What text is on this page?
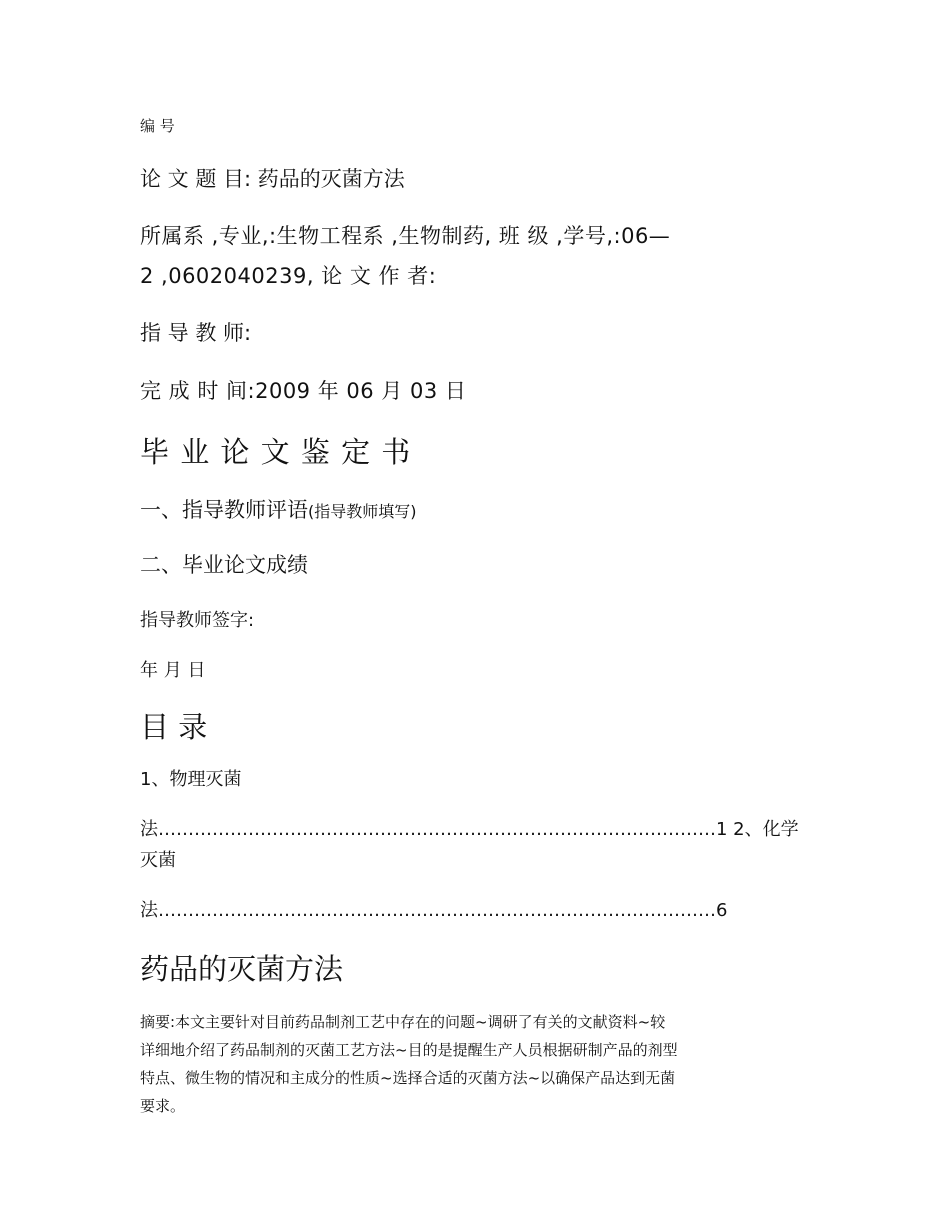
编 号
论 文 题 目: 药品的灭菌方法
所属系 ,专业,:生物工程系 ,生物制药, 班 级 ,学号,:06—
2 ,0602040239, 论 文 作 者:
指 导 教 师:
完 成 时 间:2009 年 06 月 03 日
毕 业 论 文 鉴 定 书
一、指导教师评语(指导教师填写)
二、毕业论文成绩
指导教师签字:
年 月 日
目 录
1、物理灭菌
法…………………………………………………………………………………1 2、化学
灭菌
法…………………………………………………………………………………6
药品的灭菌方法
摘要:本文主要针对目前药品制剂工艺中存在的问题~调研了有关的文献资料~较
详细地介绍了药品制剂的灭菌工艺方法~目的是提醒生产人员根据研制产品的剂型
特点、微生物的情况和主成分的性质~选择合适的灭菌方法~以确保产品达到无菌
要求。
